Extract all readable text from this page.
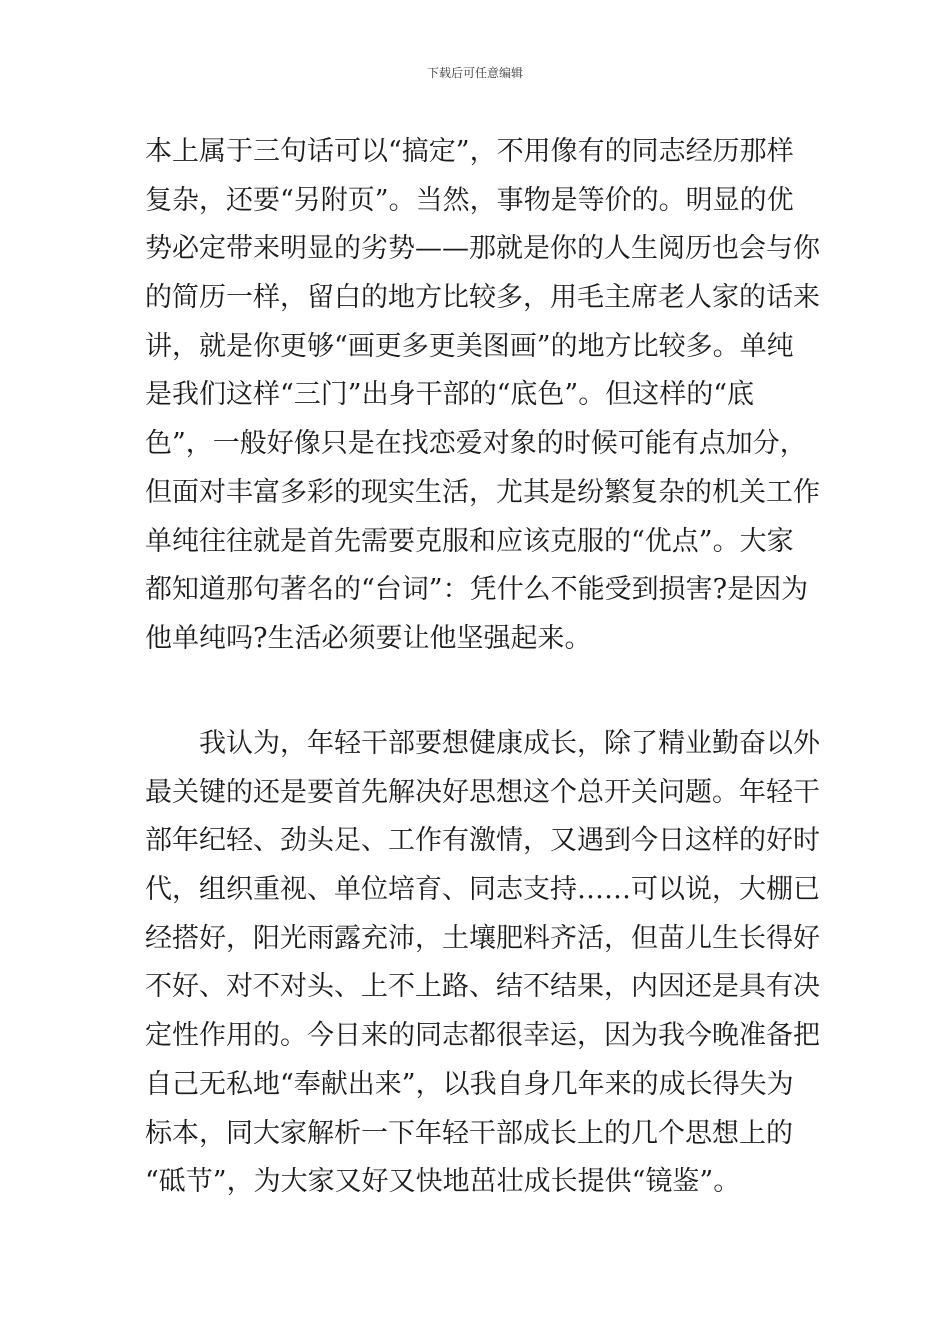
下载后可任意编辑
本上属于三句话可以“搞定”，不用像有的同志经历那样
复杂，还要“另附页”。当然，事物是等价的。明显的优
势必定带来明显的劣势——那就是你的人生阅历也会与你
的简历一样，留白的地方比较多，用毛主席老人家的话来
讲，就是你更够“画更多更美图画”的地方比较多。单纯
是我们这样“三门”出身干部的“底色”。但这样的“底
色”，一般好像只是在找恋爱对象的时候可能有点加分，
但面对丰富多彩的现实生活，尤其是纷繁复杂的机关工作
单纯往往就是首先需要克服和应该克服的“优点”。大家
都知道那句著名的“台词”：凭什么不能受到损害?是因为
他单纯吗?生活必须要让他坚强起来。
我认为，年轻干部要想健康成长，除了精业勤奋以外
最关键的还是要首先解决好思想这个总开关问题。年轻干
部年纪轻、劲头足、工作有激情，又遇到今日这样的好时
代，组织重视、单位培育、同志支持……可以说，大棚已
经搭好，阳光雨露充沛，土壤肥料齐活，但苗儿生长得好
不好、对不对头、上不上路、结不结果，内因还是具有决
定性作用的。今日来的同志都很幸运，因为我今晚准备把
自己无私地“奉献出来”，以我自身几年来的成长得失为
标本，同大家解析一下年轻干部成长上的几个思想上的
“砥节”，为大家又好又快地茁壮成长提供“镜鉴”。
